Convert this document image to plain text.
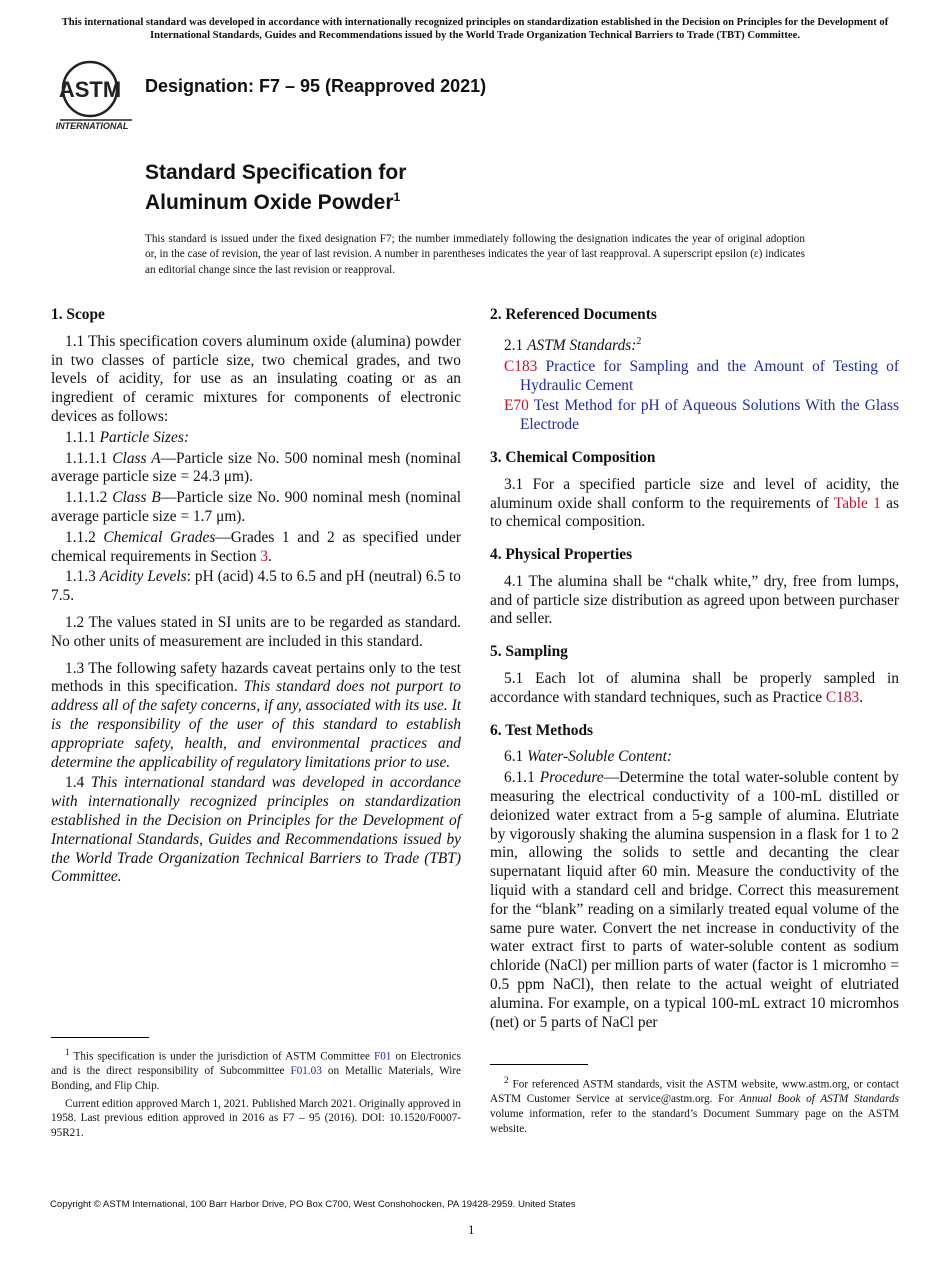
This international standard was developed in accordance with internationally recognized principles on standardization established in the Decision on Principles for the Development of International Standards, Guides and Recommendations issued by the World Trade Organization Technical Barriers to Trade (TBT) Committee.
ASTM
INTERNATIONAL
Designation: F7 – 95 (Reapproved 2021)
Standard Specification for
Aluminum Oxide Powder$^1$
This standard is issued under the fixed designation F7; the number immediately following the designation indicates the year of original adoption or, in the case of revision, the year of last revision. A number in parentheses indicates the year of last reapproval. A superscript epsilon (ε) indicates an editorial change since the last revision or reapproval.
1. Scope
1.1 This specification covers aluminum oxide (alumina) powder in two classes of particle size, two chemical grades, and two levels of acidity, for use as an insulating coating or as an ingredient of ceramic mixtures for components of electronic devices as follows:
1.1.1 Particle Sizes:
1.1.1.1 Class A—Particle size No. 500 nominal mesh (nominal average particle size = 24.3 μm).
1.1.1.2 Class B—Particle size No. 900 nominal mesh (nominal average particle size = 1.7 μm).
1.1.2 Chemical Grades—Grades 1 and 2 as specified under chemical requirements in Section 3.
1.1.3 Acidity Levels: pH (acid) 4.5 to 6.5 and pH (neutral) 6.5 to 7.5.
1.2 The values stated in SI units are to be regarded as standard. No other units of measurement are included in this standard.
1.3 The following safety hazards caveat pertains only to the test methods in this specification. This standard does not purport to address all of the safety concerns, if any, associated with its use. It is the responsibility of the user of this standard to establish appropriate safety, health, and environmental practices and determine the applicability of regulatory limitations prior to use.
1.4 This international standard was developed in accordance with internationally recognized principles on standardization established in the Decision on Principles for the Development of International Standards, Guides and Recommendations issued by the World Trade Organization Technical Barriers to Trade (TBT) Committee.

$^1$ This specification is under the jurisdiction of ASTM Committee F01 on Electronics and is the direct responsibility of Subcommittee F01.03 on Metallic Materials, Wire Bonding, and Flip Chip.

Current edition approved March 1, 2021. Published March 2021. Originally approved in 1958. Last previous edition approved in 2016 as F7 – 95 (2016). DOI: 10.1520/F0007-95R21.

2. Referenced Documents
2.1 ASTM Standards:$^2$
C183 Practice for Sampling and the Amount of Testing of Hydraulic Cement
E70 Test Method for pH of Aqueous Solutions With the Glass Electrode
3. Chemical Composition
3.1 For a specified particle size and level of acidity, the aluminum oxide shall conform to the requirements of Table 1 as to chemical composition.
4. Physical Properties
4.1 The alumina shall be “chalk white,” dry, free from lumps, and of particle size distribution as agreed upon between purchaser and seller.
5. Sampling
5.1 Each lot of alumina shall be properly sampled in accordance with standard techniques, such as Practice C183.
6. Test Methods
6.1 Water-Soluble Content:
6.1.1 Procedure—Determine the total water-soluble content by measuring the electrical conductivity of a 100-mL distilled or deionized water extract from a 5-g sample of alumina. Elutriate by vigorously shaking the alumina suspension in a flask for 1 to 2 min, allowing the solids to settle and decanting the clear supernatant liquid after 60 min. Measure the conductivity of the liquid with a standard cell and bridge. Correct this measurement for the “blank” reading on a similarly treated equal volume of the same pure water. Convert the net increase in conductivity of the water extract first to parts of water-soluble content as sodium chloride (NaCl) per million parts of water (factor is 1 micromho = 0.5 ppm NaCl), then relate to the actual weight of elutriated alumina. For example, on a typical 100-mL extract 10 micromhos (net) or 5 parts of NaCl per

$^2$ For referenced ASTM standards, visit the ASTM website, www.astm.org, or contact ASTM Customer Service at service@astm.org. For Annual Book of ASTM Standards volume information, refer to the standard’s Document Summary page on the ASTM website.

Copyright © ASTM International, 100 Barr Harbor Drive, PO Box C700, West Conshohocken, PA 19428-2959. United States
1
